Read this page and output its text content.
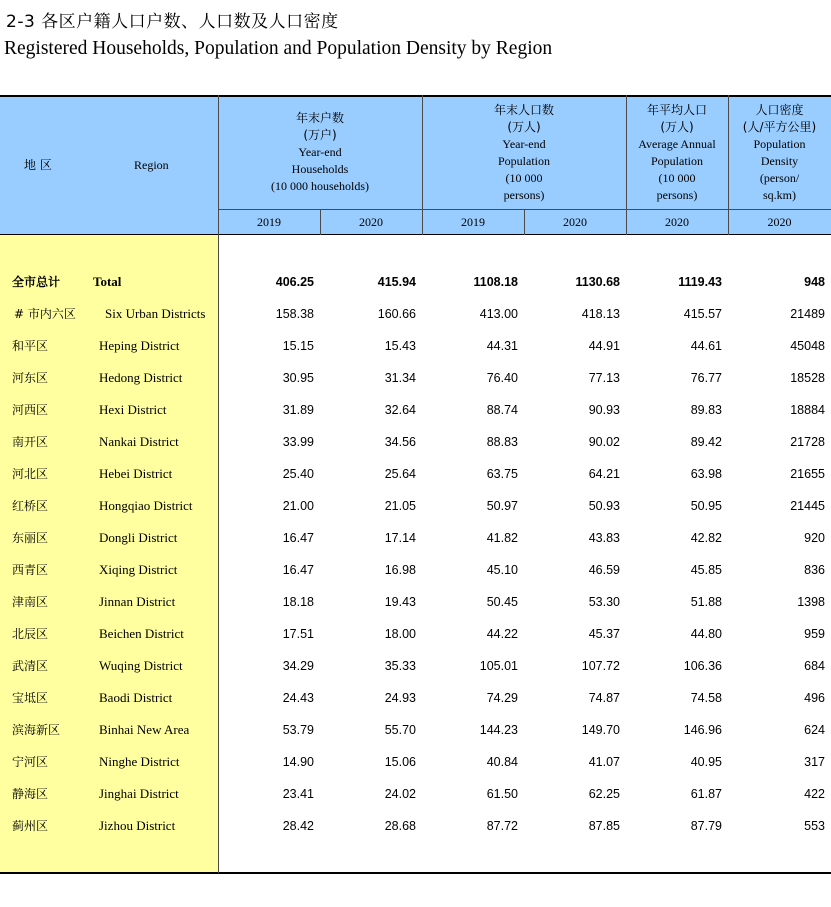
2-3 各区户籍人口户数、人口数及人口密度
Registered Households, Population and Population Density by Region
地 区	Region
年末户数
(万户)
Year-end
Households
(10 000 households)
年末人口数
(万人)
Year-end
Population
(10 000
persons)
年平均人口
(万人)
Average Annual
Population
(10 000
persons)
人口密度
(人/平方公里)
Population
Density
(person/
sq.km)
2019	2020	2019	2020	2020	2020
全市总计	Total	406.25	415.94	1108.18	1130.68	1119.43	948
# 市内六区 Six Urban Districts	158.38	160.66	413.00	418.13	415.57	21489
和平区	Heping District	15.15	15.43	44.31	44.91	44.61	45048
河东区	Hedong District	30.95	31.34	76.40	77.13	76.77	18528
河西区	Hexi District	31.89	32.64	88.74	90.93	89.83	18884
南开区	Nankai District	33.99	34.56	88.83	90.02	89.42	21728
河北区	Hebei District	25.40	25.64	63.75	64.21	63.98	21655
红桥区	Hongqiao District	21.00	21.05	50.97	50.93	50.95	21445
东丽区	Dongli District	16.47	17.14	41.82	43.83	42.82	920
西青区	Xiqing District	16.47	16.98	45.10	46.59	45.85	836
津南区	Jinnan District	18.18	19.43	50.45	53.30	51.88	1398
北辰区	Beichen District	17.51	18.00	44.22	45.37	44.80	959
武清区	Wuqing District	34.29	35.33	105.01	107.72	106.36	684
宝坻区	Baodi District	24.43	24.93	74.29	74.87	74.58	496
滨海新区	Binhai New Area	53.79	55.70	144.23	149.70	146.96	624
宁河区	Ninghe District	14.90	15.06	40.84	41.07	40.95	317
静海区	Jinghai District	23.41	24.02	61.50	62.25	61.87	422
蓟州区	Jizhou District	28.42	28.68	87.72	87.85	87.79	553
